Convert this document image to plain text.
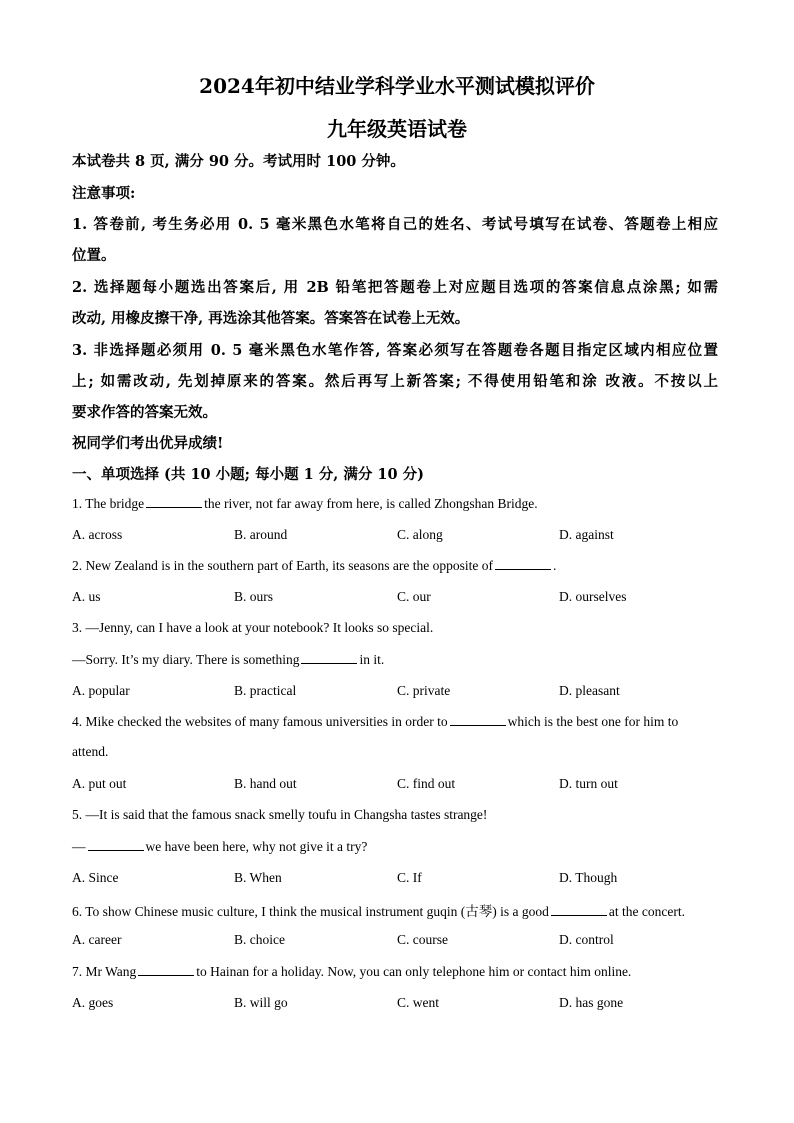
2024年初中结业学科学业水平测试模拟评价
九年级英语试卷
本试卷共 8 页, 满分 90 分。考试用时 100 分钟。
注意事项:
1. 答卷前, 考生务必用 0. 5 毫米黑色水笔将自己的姓名、考试号填写在试卷、答题卷上相应
位置。
2. 选择题每小题选出答案后, 用 2B 铅笔把答题卷上对应题目选项的答案信息点涂黑; 如需
改动, 用橡皮擦干净, 再选涂其他答案。答案答在试卷上无效。
3. 非选择题必须用 0. 5 毫米黑色水笔作答, 答案必须写在答题卷各题目指定区域内相应位置
上; 如需改动, 先划掉原来的答案。然后再写上新答案; 不得使用铅笔和涂 改液。不按以上
要求作答的答案无效。
祝同学们考出优异成绩!
一、单项选择 (共 10 小题; 每小题 1 分, 满分 10 分)
1. The bridge	the river, not far away from here, is called Zhongshan Bridge.
A. across	B. around	C. along	D. against
2. New Zealand is in the southern part of Earth, its seasons are the opposite of	.
A. us	B. ours	C. our	D. ourselves
3. —Jenny, can I have a look at your notebook? It looks so special.
—Sorry. It’s my diary. There is something	in it.
A. popular	B. practical	C. private	D. pleasant
4. Mike checked the websites of many famous universities in order to	which is the best one for him to
attend.
A. put out	B. hand out	C. find out	D. turn out
5. —It is said that the famous snack smelly toufu in Changsha tastes strange!
—	we have been here, why not give it a try?
A. Since	B. When	C. If	D. Though
6. To show Chinese music culture, I think the musical instrument guqin (古琴) is a good	at the concert.
A. career	B. choice	C. course	D. control
7. Mr Wang	to Hainan for a holiday. Now, you can only telephone him or contact him online.
A. goes	B. will go	C. went	D. has gone
